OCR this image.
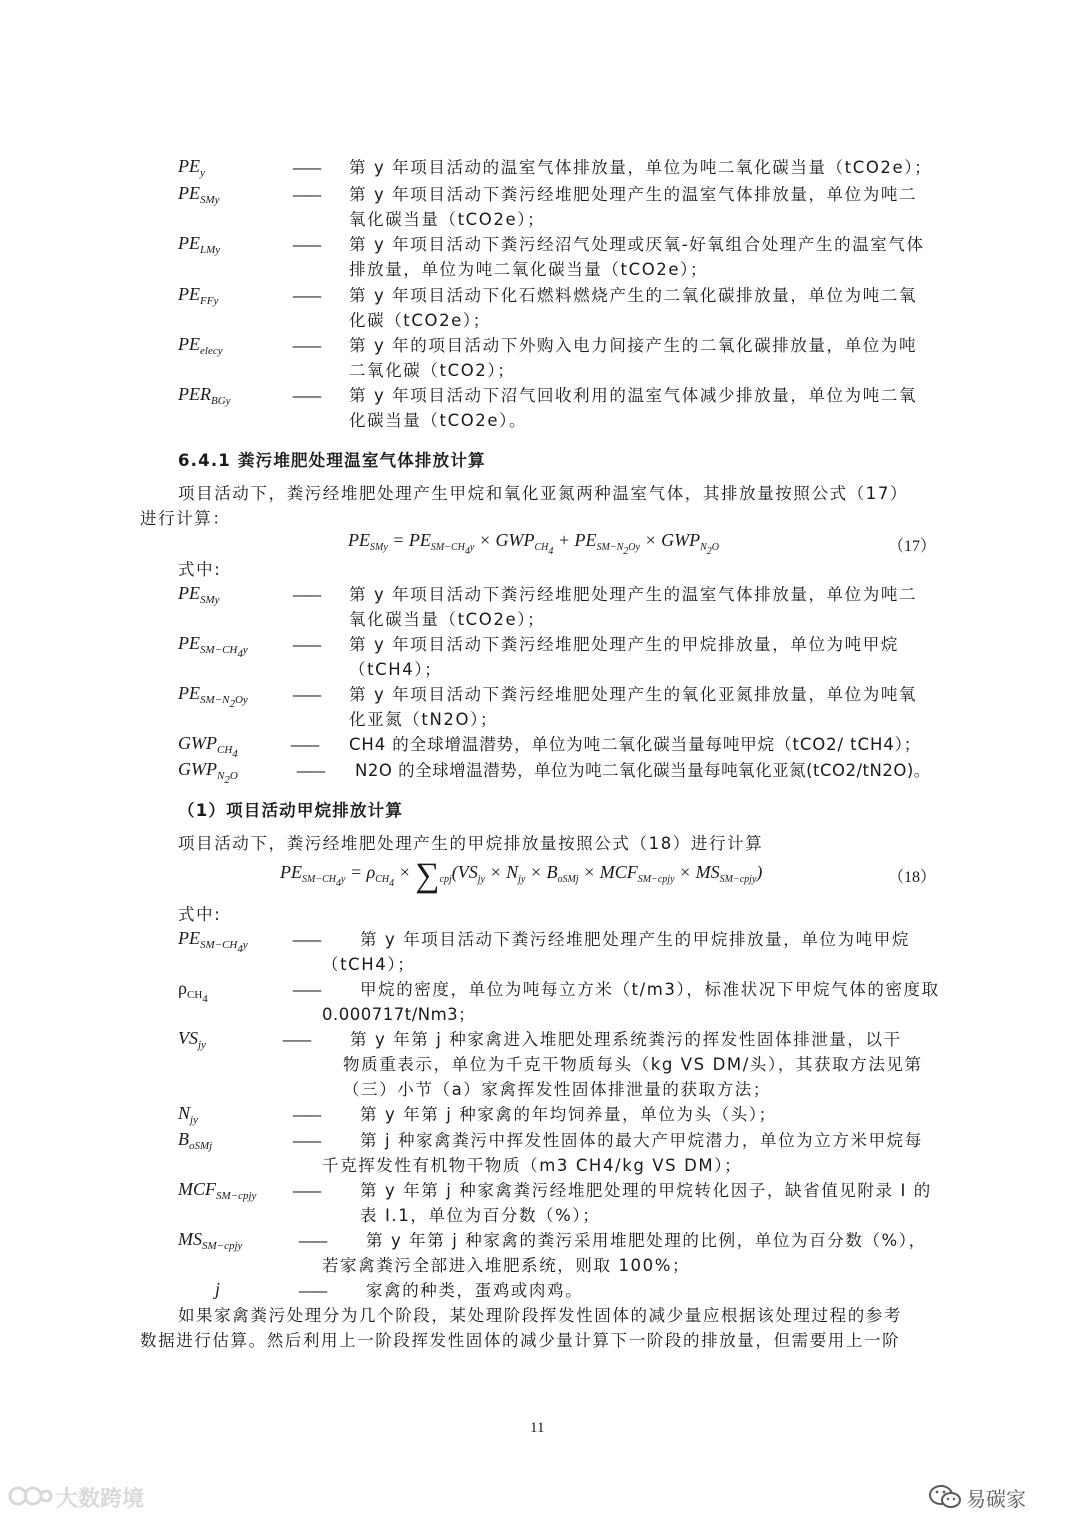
$PE_y$	—— 第 y 年项目活动的温室气体排放量，单位为吨二氧化碳当量（tCO2e）；
$PE_{SMy}$	—— 第 y 年项目活动下粪污经堆肥处理产生的温室气体排放量，单位为吨二
氧化碳当量（tCO2e）；
$PE_{LMy}$	—— 第 y 年项目活动下粪污经沼气处理或厌氧-好氧组合处理产生的温室气体
排放量，单位为吨二氧化碳当量（tCO2e）；
$PE_{FFy}$	—— 第 y 年项目活动下化石燃料燃烧产生的二氧化碳排放量，单位为吨二氧
化碳（tCO2e）；
$PE_{elecy}$	—— 第 y 年的项目活动下外购入电力间接产生的二氧化碳排放量，单位为吨
二氧化碳（tCO2）；
$PER_{BGy}$	—— 第 y 年项目活动下沼气回收利用的温室气体减少排放量，单位为吨二氧
化碳当量（tCO2e）。
6.4.1 粪污堆肥处理温室气体排放计算
项目活动下，粪污经堆肥处理产生甲烷和氧化亚氮两种温室气体，其排放量按照公式（17）
进行计算：
$PE_{SMy} = PE_{SM-CH_4y} \times GWP_{CH_4} + PE_{SM-N_2Oy} \times GWP_{N_2O}$	（17）
式中:
$PE_{SMy}$	—— 第 y 年项目活动下粪污经堆肥处理产生的温室气体排放量，单位为吨二
氧化碳当量（tCO2e）；
$PE_{SM-CH_4y}$	—— 第 y 年项目活动下粪污经堆肥处理产生的甲烷排放量，单位为吨甲烷
（tCH4）；
$PE_{SM-N_2Oy}$	—— 第 y 年项目活动下粪污经堆肥处理产生的氧化亚氮排放量，单位为吨氧
化亚氮（tN2O）；
$GWP_{CH_4}$	—— CH4 的全球增温潜势，单位为吨二氧化碳当量每吨甲烷（tCO2/ tCH4）；
$GWP_{N_2O}$	—— N2O 的全球增温潜势，单位为吨二氧化碳当量每吨氧化亚氮(tCO2/tN2O)。
（1）项目活动甲烷排放计算
项目活动下，粪污经堆肥处理产生的甲烷排放量按照公式（18）进行计算
$PE_{SM-CH_4y} = \rho_{CH_4} \times \sum_{cpj}(VS_{jy} \times N_{jy} \times B_{oSMj} \times MCF_{SM-cpjy} \times MS_{SM-cpjy})$	（18）
式中:
$PE_{SM-CH_4y}$	—— 第 y 年项目活动下粪污经堆肥处理产生的甲烷排放量，单位为吨甲烷
（tCH4）；
$\rho_{CH_4}$	—— 甲烷的密度，单位为吨每立方米（t/m3），标准状况下甲烷气体的密度取
0.000717t/Nm3；
$VS_{jy}$	—— 第 y 年第 j 种家禽进入堆肥处理系统粪污的挥发性固体排泄量，以干
物质重表示，单位为千克干物质每头（kg VS DM/头），其获取方法见第
（三）小节（a）家禽挥发性固体排泄量的获取方法；
$N_{jy}$	—— 第 y 年第 j 种家禽的年均饲养量，单位为头（头）；
$B_{oSMj}$	—— 第 j 种家禽粪污中挥发性固体的最大产甲烷潜力，单位为立方米甲烷每
千克挥发性有机物干物质（m3 CH4/kg VS DM）；
$MCF_{SM-cpjy}$ —— 第 y 年第 j 种家禽粪污经堆肥处理的甲烷转化因子，缺省值见附录 I 的
表 I.1，单位为百分数（%）；
$MS_{SM-cpjy}$	—— 第 y 年第 j 种家禽的粪污采用堆肥处理的比例，单位为百分数（%），
若家禽粪污全部进入堆肥系统，则取 100%；
j	—— 家禽的种类，蛋鸡或肉鸡。
如果家禽粪污处理分为几个阶段，某处理阶段挥发性固体的减少量应根据该处理过程的参考
数据进行估算。然后利用上一阶段挥发性固体的减少量计算下一阶段的排放量，但需要用上一阶
11
大数跨境	易碳家
